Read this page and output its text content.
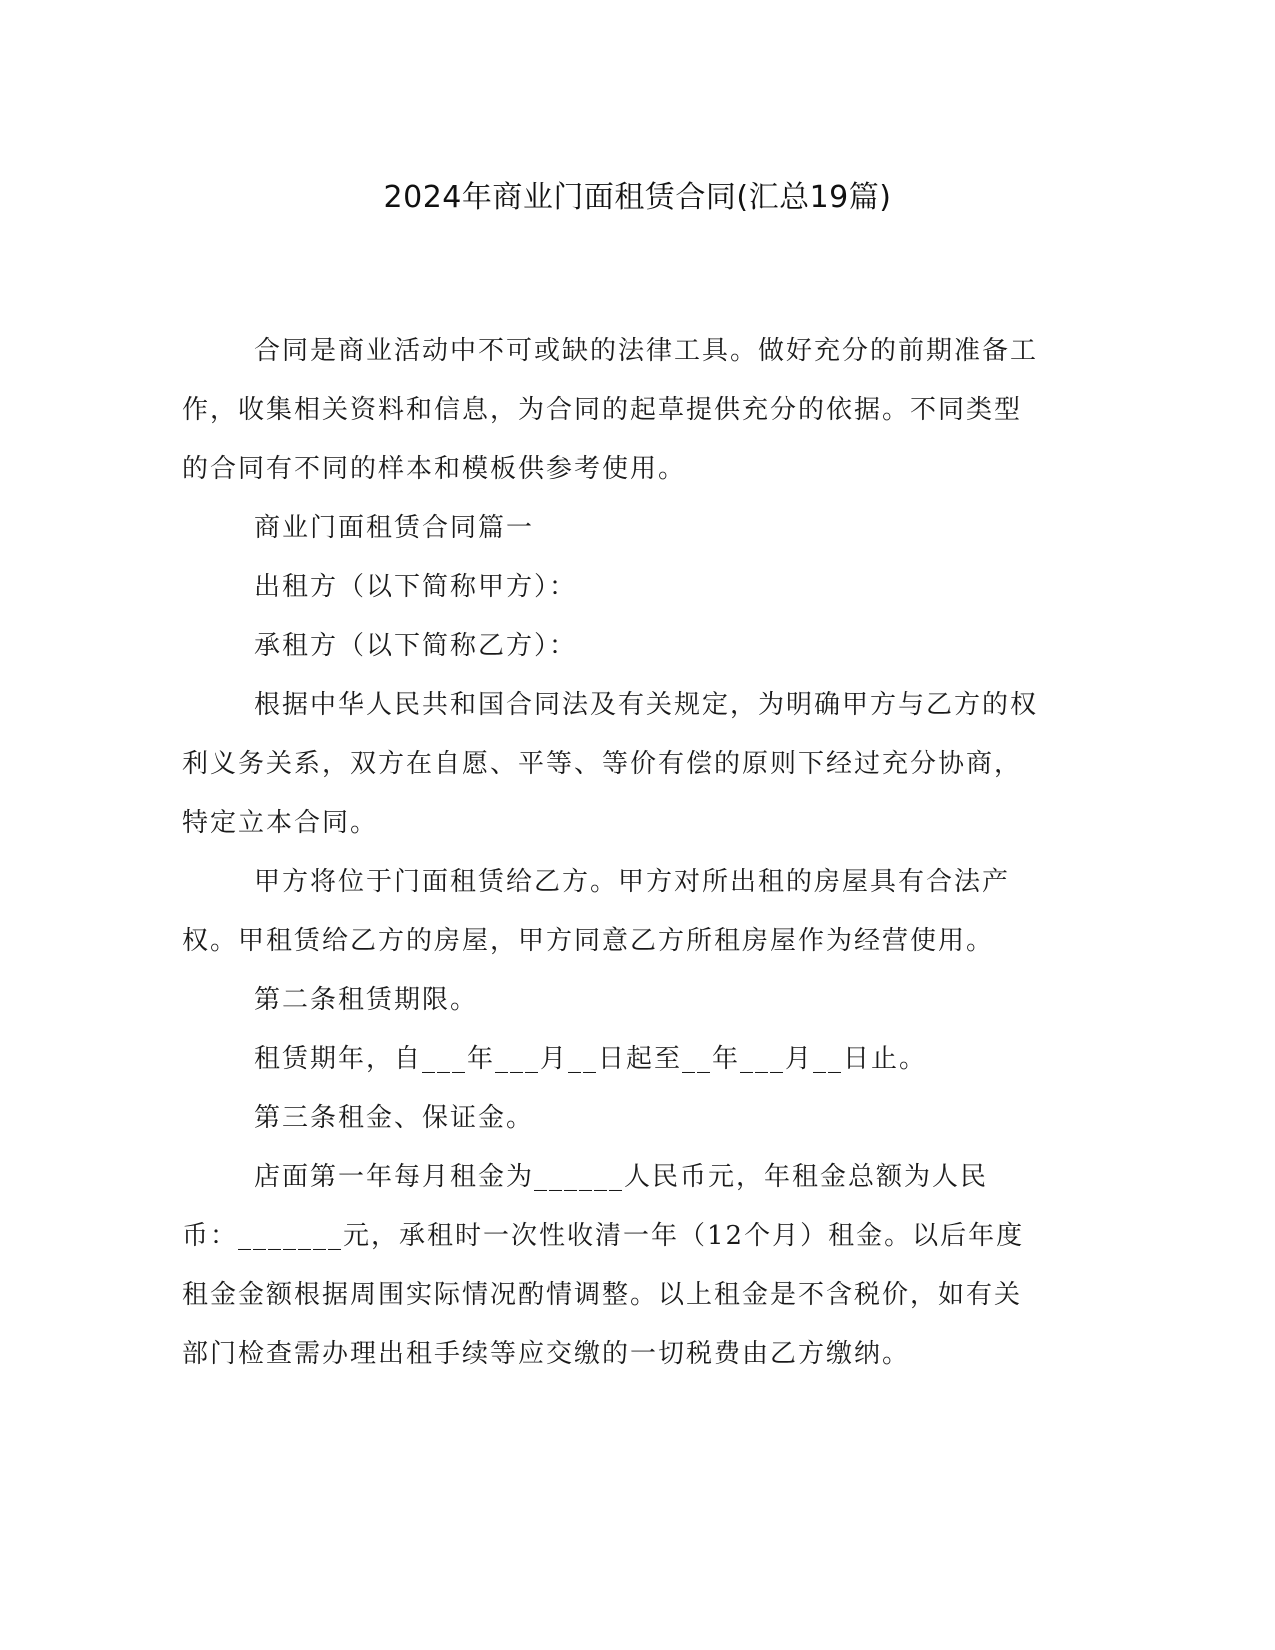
2024年商业门面租赁合同(汇总19篇)

合同是商业活动中不可或缺的法律工具。做好充分的前期准备工作，收集相关资料和信息，为合同的起草提供充分的依据。不同类型的合同有不同的样本和模板供参考使用。

商业门面租赁合同篇一

出租方（以下简称甲方）：

承租方（以下简称乙方）：

根据中华人民共和国合同法及有关规定，为明确甲方与乙方的权利义务关系，双方在自愿、平等、等价有偿的原则下经过充分协商，特定立本合同。

甲方将位于门面租赁给乙方。甲方对所出租的房屋具有合法产权。甲租赁给乙方的房屋，甲方同意乙方所租房屋作为经营使用。

第二条租赁期限。

租赁期年，自___年___月__日起至__年___月__日止。

第三条租金、保证金。

店面第一年每月租金为______人民币元，年租金总额为人民币：_______元，承租时一次性收清一年（12个月）租金。以后年度租金金额根据周围实际情况酌情调整。以上租金是不含税价，如有关部门检查需办理出租手续等应交缴的一切税费由乙方缴纳。
